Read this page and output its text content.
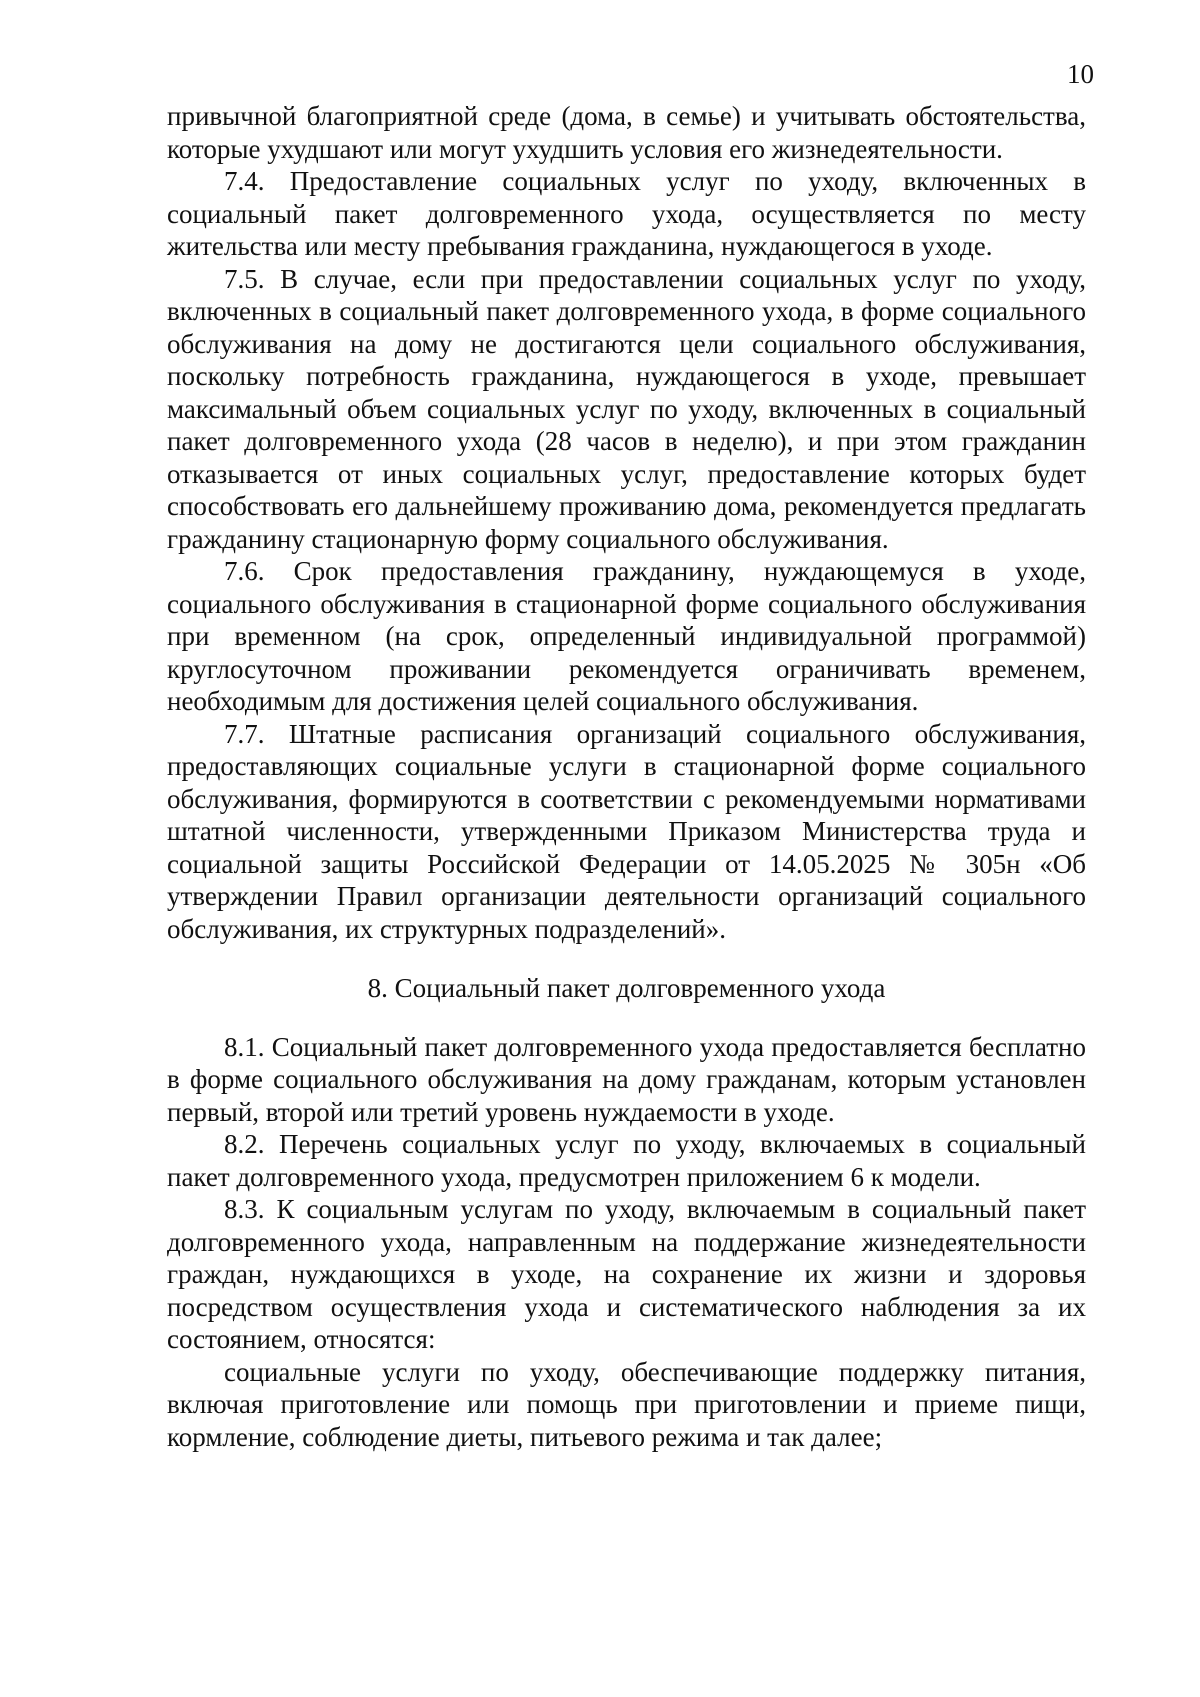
10

привычной благоприятной среде (дома, в семье) и учитывать обстоятельства, которые ухудшают или могут ухудшить условия его жизнедеятельности.

7.4. Предоставление социальных услуг по уходу, включенных в социальный пакет долговременного ухода, осуществляется по месту жительства или месту пребывания гражданина, нуждающегося в уходе.

7.5. В случае, если при предоставлении социальных услуг по уходу, включенных в социальный пакет долговременного ухода, в форме социального обслуживания на дому не достигаются цели социального обслуживания, поскольку потребность гражданина, нуждающегося в уходе, превышает максимальный объем социальных услуг по уходу, включенных в социальный пакет долговременного ухода (28 часов в неделю), и при этом гражданин отказывается от иных социальных услуг, предоставление которых будет способствовать его дальнейшему проживанию дома, рекомендуется предлагать гражданину стационарную форму социального обслуживания.

7.6. Срок предоставления гражданину, нуждающемуся в уходе, социального обслуживания в стационарной форме социального обслуживания при временном (на срок, определенный индивидуальной программой) круглосуточном проживании рекомендуется ограничивать временем, необходимым для достижения целей социального обслуживания.

7.7. Штатные расписания организаций социального обслуживания, предоставляющих социальные услуги в стационарной форме социального обслуживания, формируются в соответствии с рекомендуемыми нормативами штатной численности, утвержденными Приказом Министерства труда и социальной защиты Российской Федерации от 14.05.2025 № 305н «Об утверждении Правил организации деятельности организаций социального обслуживания, их структурных подразделений».

8. Социальный пакет долговременного ухода

8.1. Социальный пакет долговременного ухода предоставляется бесплатно в форме социального обслуживания на дому гражданам, которым установлен первый, второй или третий уровень нуждаемости в уходе.

8.2. Перечень социальных услуг по уходу, включаемых в социальный пакет долговременного ухода, предусмотрен приложением 6 к модели.

8.3. К социальным услугам по уходу, включаемым в социальный пакет долговременного ухода, направленным на поддержание жизнедеятельности граждан, нуждающихся в уходе, на сохранение их жизни и здоровья посредством осуществления ухода и систематического наблюдения за их состоянием, относятся:

социальные услуги по уходу, обеспечивающие поддержку питания, включая приготовление или помощь при приготовлении и приеме пищи, кормление, соблюдение диеты, питьевого режима и так далее;
